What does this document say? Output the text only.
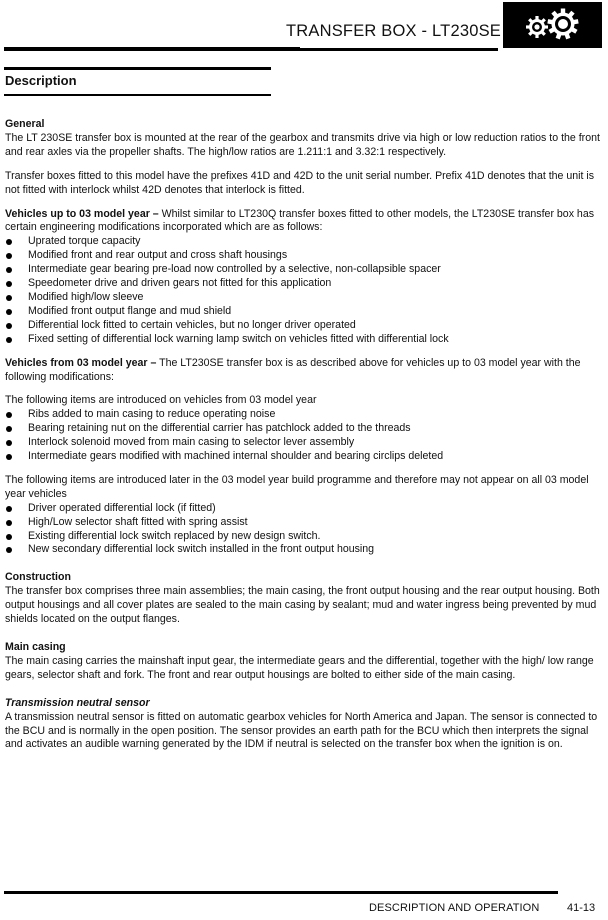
TRANSFER BOX - LT230SE
Description

General

The LT 230SE transfer box is mounted at the rear of the gearbox and transmits drive via high or low reduction ratios to the front and rear axles via the propeller shafts. The high/low ratios are 1.211:1 and 3.32:1 respectively.

Transfer boxes fitted to this model have the prefixes 41D and 42D to the unit serial number. Prefix 41D denotes that the unit is not fitted with interlock whilst 42D denotes that interlock is fitted.

Vehicles up to 03 model year – Whilst similar to LT230Q transfer boxes fitted to other models, the LT230SE transfer box has certain engineering modifications incorporated which are as follows:

Uprated torque capacity
Modified front and rear output and cross shaft housings
Intermediate gear bearing pre-load now controlled by a selective, non-collapsible spacer
Speedometer drive and driven gears not fitted for this application
Modified high/low sleeve
Modified front output flange and mud shield
Differential lock fitted to certain vehicles, but no longer driver operated
Fixed setting of differential lock warning lamp switch on vehicles fitted with differential lock

Vehicles from 03 model year – The LT230SE transfer box is as described above for vehicles up to 03 model year with the following modifications:

The following items are introduced on vehicles from 03 model year

Ribs added to main casing to reduce operating noise
Bearing retaining nut on the differential carrier has patchlock added to the threads
Interlock solenoid moved from main casing to selector lever assembly
Intermediate gears modified with machined internal shoulder and bearing circlips deleted

The following items are introduced later in the 03 model year build programme and therefore may not appear on all 03 model year vehicles

Driver operated differential lock (if fitted)
High/Low selector shaft fitted with spring assist
Existing differential lock switch replaced by new design switch.
New secondary differential lock switch installed in the front output housing

Construction

The transfer box comprises three main assemblies; the main casing, the front output housing and the rear output housing. Both output housings and all cover plates are sealed to the main casing by sealant; mud and water ingress being prevented by mud shields located on the output flanges.

Main casing

The main casing carries the mainshaft input gear, the intermediate gears and the differential, together with the high/ low range gears, selector shaft and fork. The front and rear output housings are bolted to either side of the main casing.

Transmission neutral sensor

A transmission neutral sensor is fitted on automatic gearbox vehicles for North America and Japan. The sensor is connected to the BCU and is normally in the open position. The sensor provides an earth path for the BCU which then interprets the signal and activates an audible warning generated by the IDM if neutral is selected on the transfer box when the ignition is on.

DESCRIPTION AND OPERATION	41-13
